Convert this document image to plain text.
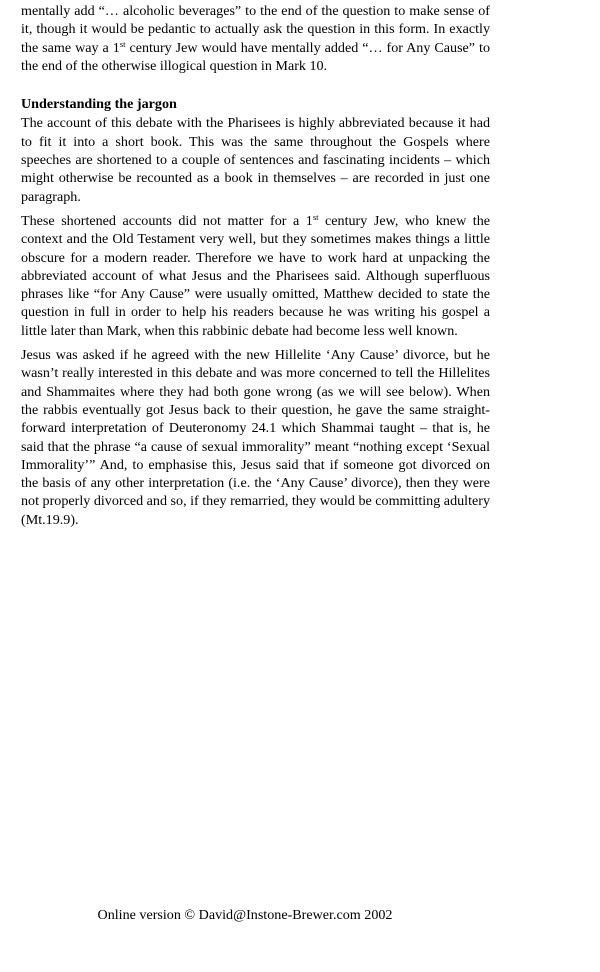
mentally add “… alcoholic beverages” to the end of the question to make sense of it, though it would be pedantic to actually ask the question in this form. In exactly the same way a 1st century Jew would have mentally added “… for Any Cause” to the end of the otherwise illogical question in Mark 10.

Understanding the jargon

The account of this debate with the Pharisees is highly abbreviated because it had to fit it into a short book. This was the same throughout the Gospels where speeches are shortened to a couple of sentences and fascinating incidents – which might otherwise be recounted as a book in themselves – are recorded in just one paragraph.

These shortened accounts did not matter for a 1st century Jew, who knew the context and the Old Testament very well, but they sometimes makes things a little obscure for a modern reader. Therefore we have to work hard at unpacking the abbreviated account of what Jesus and the Pharisees said. Although superfluous phrases like “for Any Cause” were usually omitted, Matthew decided to state the question in full in order to help his readers because he was writing his gospel a little later than Mark, when this rabbinic debate had become less well known.

Jesus was asked if he agreed with the new Hillelite ‘Any Cause’ divorce, but he wasn’t really interested in this debate and was more concerned to tell the Hillelites and Shammaites where they had both gone wrong (as we will see below). When the rabbis eventually got Jesus back to their question, he gave the same straight-forward interpretation of Deuteronomy 24.1 which Shammai taught – that is, he said that the phrase “a cause of sexual immorality” meant “nothing except ‘Sexual Immorality’” And, to emphasise this, Jesus said that if someone got divorced on the basis of any other interpretation (i.e. the ‘Any Cause’ divorce), then they were not properly divorced and so, if they remarried, they would be committing adultery (Mt.19.9).

Online version © David@Instone-Brewer.com 2002
